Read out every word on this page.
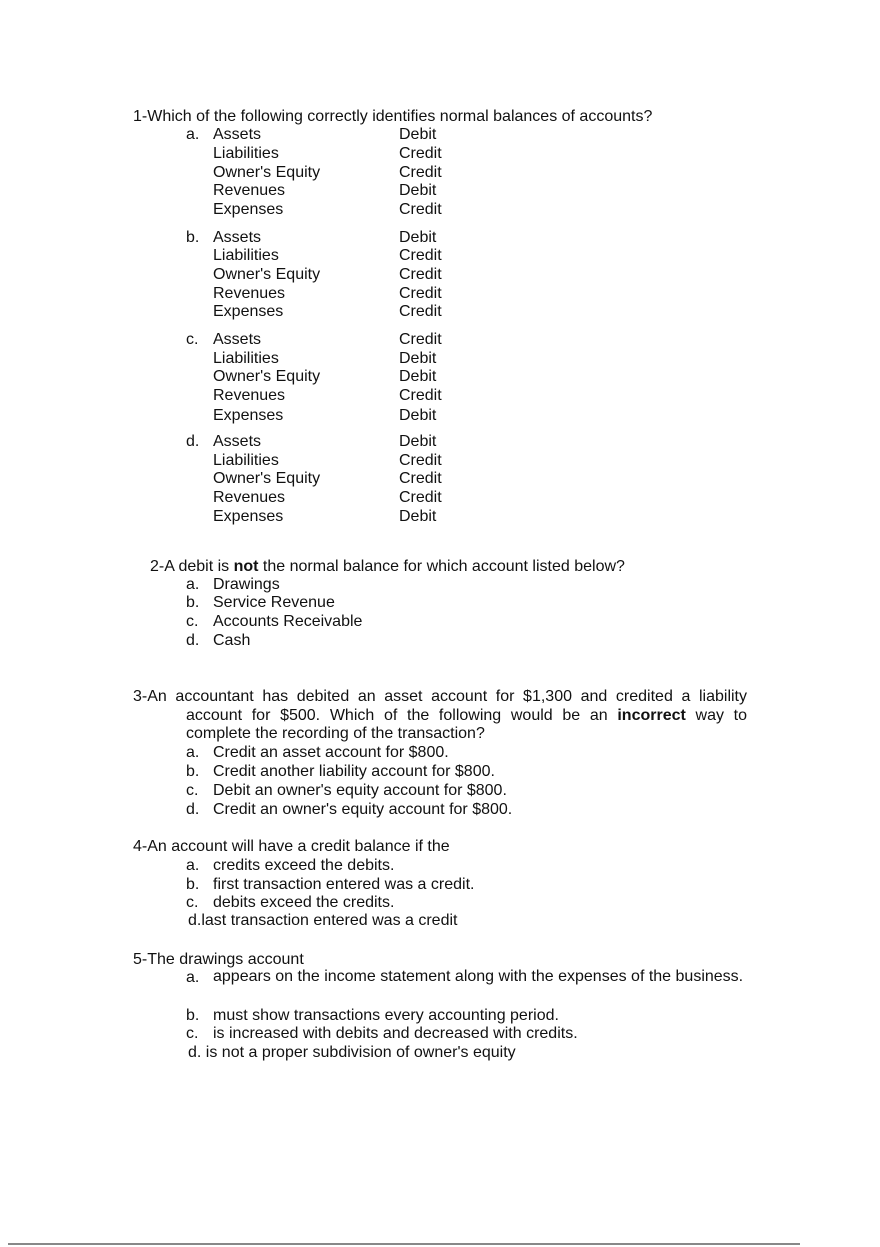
1-Which of the following correctly identifies normal balances of accounts?
a. Assets	Debit
Liabilities	Credit
Owner's Equity	Credit
Revenues	Debit
Expenses	Credit
b. Assets	Debit
Liabilities	Credit
Owner's Equity	Credit
Revenues	Credit
Expenses	Credit
c. Assets	Credit
Liabilities	Debit
Owner's Equity	Debit
Revenues	Credit
Expenses	Debit
d. Assets	Debit
Liabilities	Credit
Owner's Equity	Credit
Revenues	Credit
Expenses	Debit
2-A debit is not the normal balance for which account listed below?
a. Drawings
b. Service Revenue
c. Accounts Receivable
d. Cash
3-An accountant has debited an asset account for $1,300 and credited a liability account for $500. Which of the following would be an incorrect way to complete the recording of the transaction?
a. Credit an asset account for $800.
b. Credit another liability account for $800.
c. Debit an owner's equity account for $800.
d. Credit an owner's equity account for $800.
4-An account will have a credit balance if the
a. credits exceed the debits.
b. first transaction entered was a credit.
c. debits exceed the credits.
d.last transaction entered was a credit
5-The drawings account
a. appears on the income statement along with the expenses of the business.
b. must show transactions every accounting period.
c. is increased with debits and decreased with credits.
d. is not a proper subdivision of owner's equity
